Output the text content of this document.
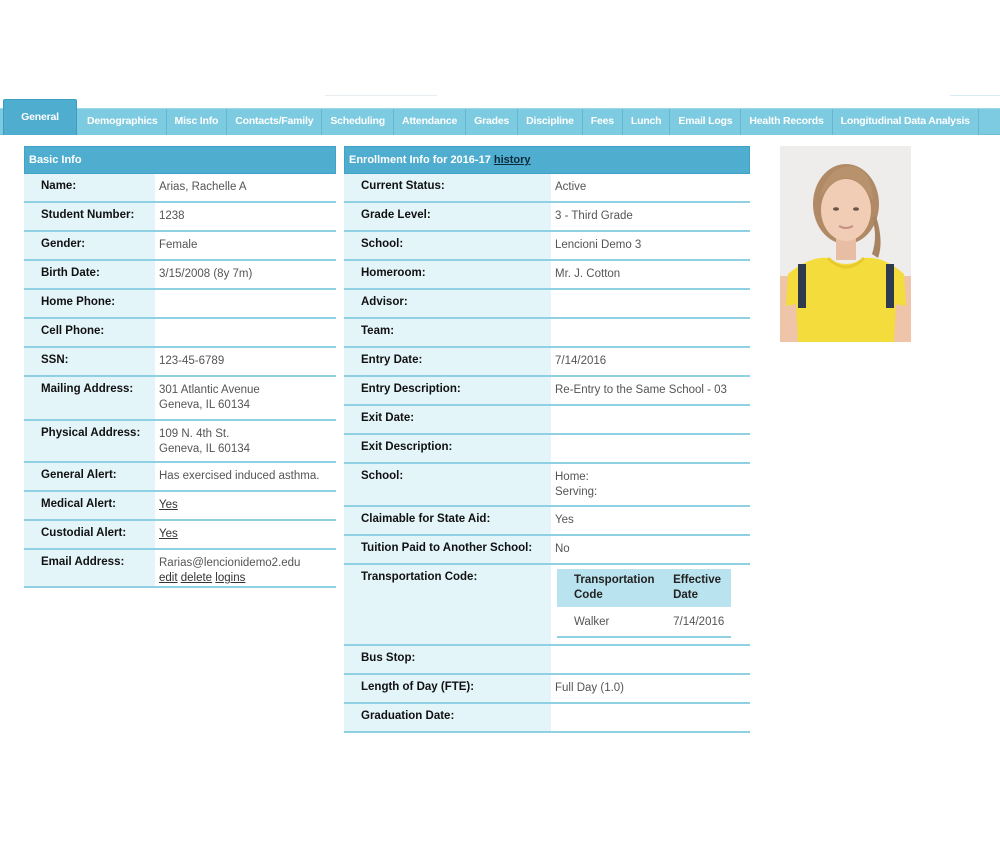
General	Demographics	Misc Info	Contacts/Family	Scheduling	Attendance	Grades	Discipline	Fees	Lunch	Email Logs	Health Records	Longitudinal Data Analysis
Basic Info
Name:	Arias, Rachelle A
Student Number:	1238
Gender:	Female
Birth Date:	3/15/2008 (8y 7m)
Home Phone:
Cell Phone:
SSN:	123-45-6789
Mailing Address:	301 Atlantic Avenue
Geneva, IL 60134
Physical Address:	109 N. 4th St.
Geneva, IL 60134
General Alert:	Has exercised induced asthma.
Medical Alert:	Yes
Custodial Alert:	Yes
Email Address:	Rarias@lencionidemo2.edu
edit delete logins
Enrollment Info for 2016-17 history
Current Status:	Active
Grade Level:	3 - Third Grade
School:	Lencioni Demo 3
Homeroom:	Mr. J. Cotton
Advisor:
Team:
Entry Date:	7/14/2016
Entry Description:	Re-Entry to the Same School - 03
Exit Date:
Exit Description:
School:	Home:
Serving:
Claimable for State Aid:	Yes
Tuition Paid to Another School:	No
Transportation Code:	Transportation Code	Effective Date
Walker	7/14/2016
Bus Stop:
Length of Day (FTE):	Full Day (1.0)
Graduation Date:
